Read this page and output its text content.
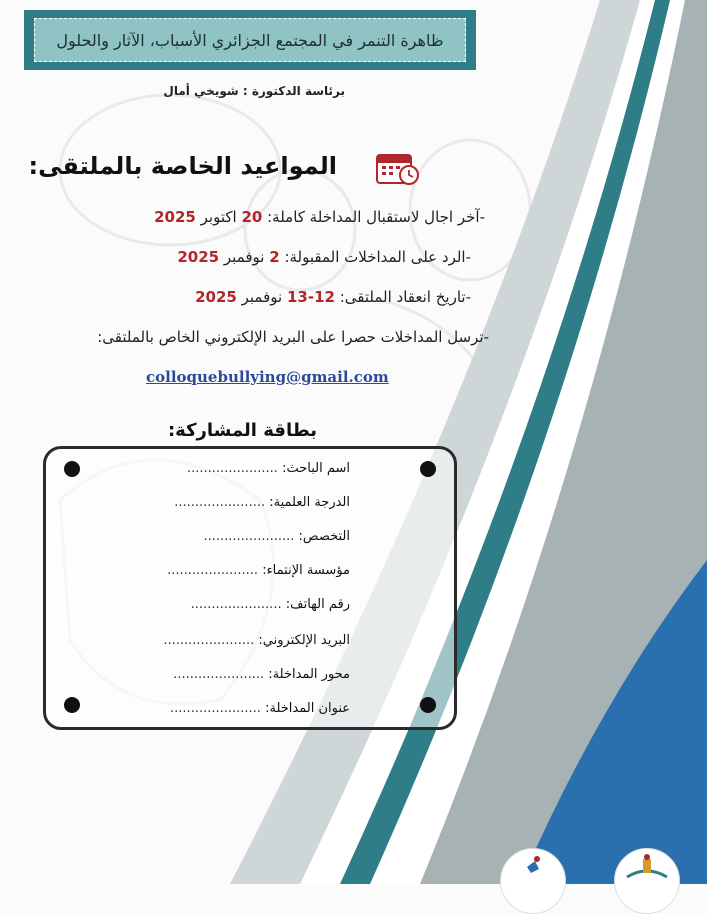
ظاهرة التنمر في المجتمع الجزائري الأسباب، الآثار والحلول
برئاسة الدكتورة : شويخي أمال
المواعيد الخاصة بالملتقى:
-آخر اجال لاستقبال المداخلة كاملة: 20 اكتوبر 2025
-الرد على المداخلات المقبولة: 2 نوفمبر 2025
-تاريخ انعقاد الملتقى: 12-13 نوفمبر 2025
-ترسل المداخلات حصرا على البريد الإلكتروني الخاص بالملتقى:
colloquebullying@gmail.com
بطاقة المشاركة:
اسم الباحث: ......................
الدرجة العلمية: ......................
التخصص: ......................
مؤسسة الإنتماء: ......................
رقم الهاتف: ......................
البريد الإلكتروني: ......................
محور المداخلة: ......................
عنوان المداخلة: ......................
